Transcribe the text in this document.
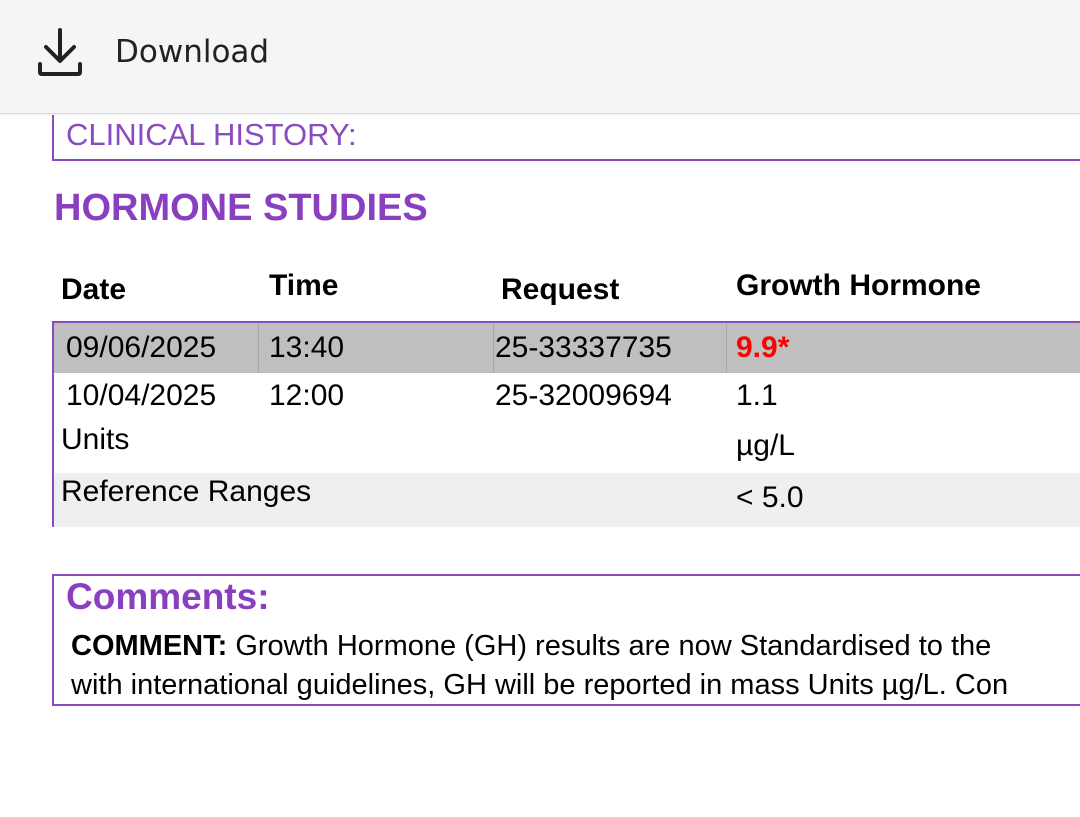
Download
CLINICAL HISTORY:
HORMONE STUDIES
Date	Time	Request	Growth Hormone
09/06/2025 13:40	25-33337735 9.9*
10/04/2025 12:00	25-32009694 1.1
Units	µg/L
Reference Ranges	< 5.0
Comments:
COMMENT: Growth Hormone (GH) results are now Standardised to the
with international guidelines, GH will be reported in mass Units µg/L. Con
